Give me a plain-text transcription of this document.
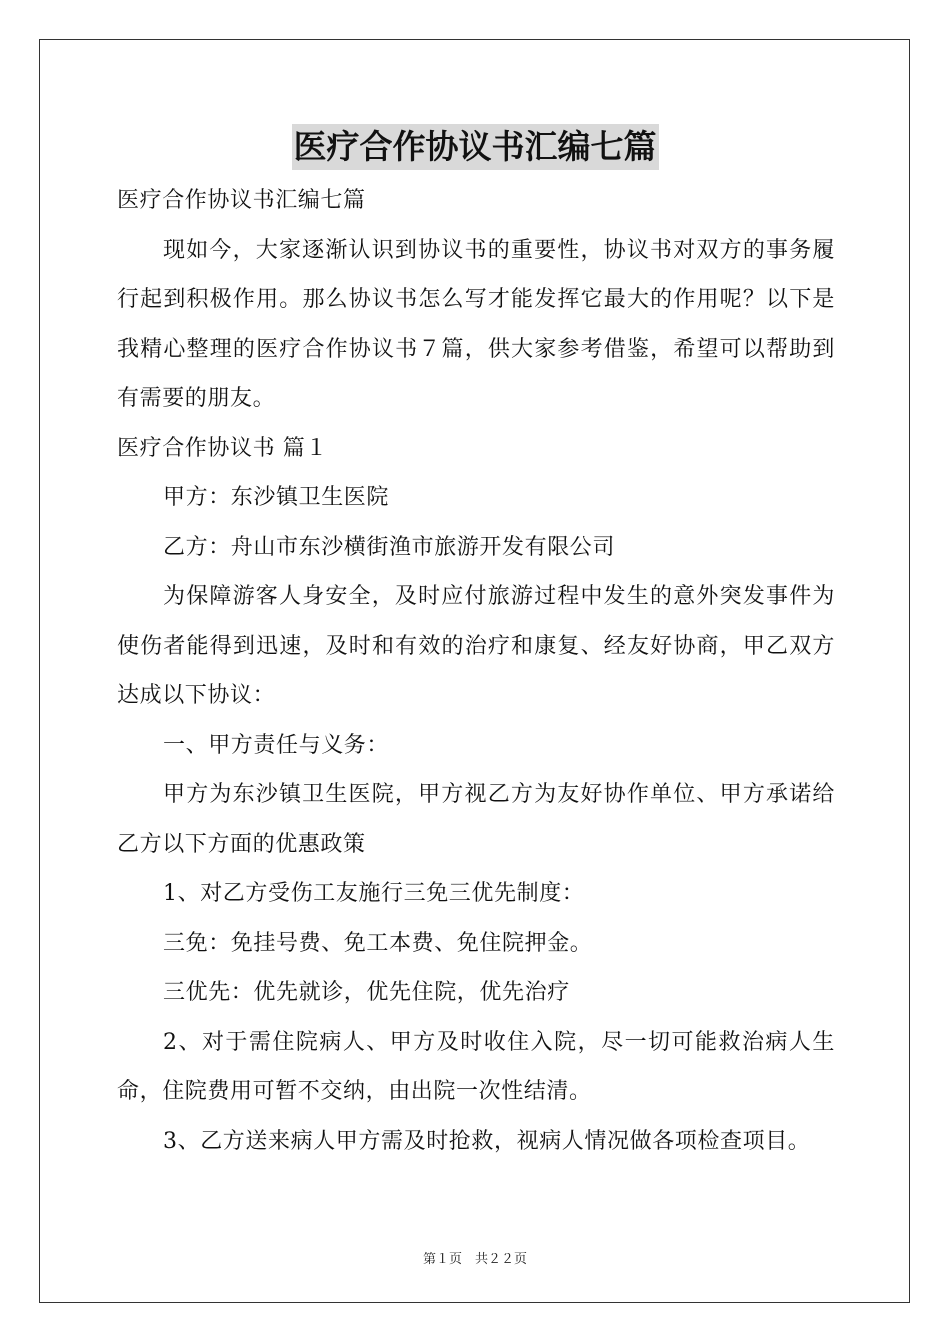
医疗合作协议书汇编七篇

医疗合作协议书汇编七篇

现如今，大家逐渐认识到协议书的重要性，协议书对双方的事务履行起到积极作用。那么协议书怎么写才能发挥它最大的作用呢？以下是我精心整理的医疗合作协议书７篇，供大家参考借鉴，希望可以帮助到有需要的朋友。

医疗合作协议书 篇１

甲方：东沙镇卫生医院

乙方：舟山市东沙横街渔市旅游开发有限公司

为保障游客人身安全，及时应付旅游过程中发生的意外突发事件为使伤者能得到迅速，及时和有效的治疗和康复、经友好协商，甲乙双方达成以下协议：

一、甲方责任与义务：

甲方为东沙镇卫生医院，甲方视乙方为友好协作单位、甲方承诺给乙方以下方面的优惠政策

1、对乙方受伤工友施行三免三优先制度：

三免：免挂号费、免工本费、免住院押金。

三优先：优先就诊，优先住院，优先治疗

2、对于需住院病人、甲方及时收住入院，尽一切可能救治病人生命，住院费用可暂不交纳，由出院一次性结清。

3、乙方送来病人甲方需及时抢救，视病人情况做各项检查项目。

第１页　共２２页
